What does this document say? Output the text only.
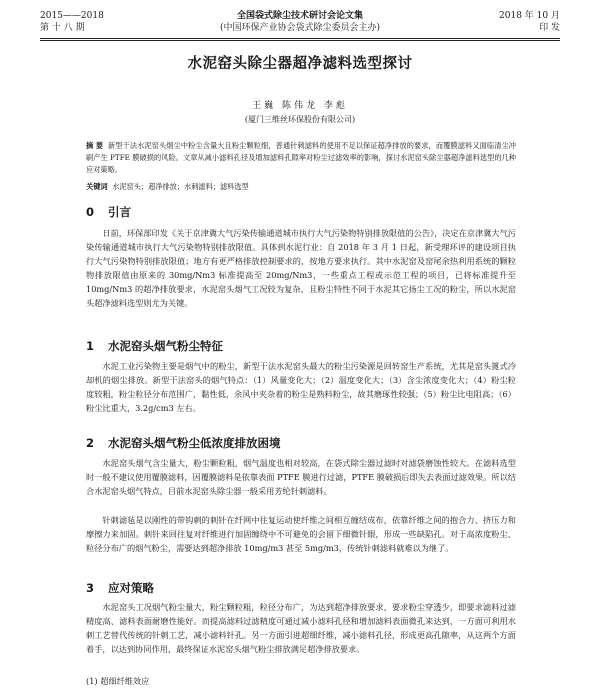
2015——2018
第 十 八 期
全国袋式除尘技术研讨会论文集
(中国环保产业协会袋式除尘委员会主办)
2018 年 10 月
印 发
水泥窑头除尘器超净滤料选型探讨
王巍 陈伟龙 李彪
(厦门三维丝环保股份有限公司)
摘 要 新型干法水泥窑头烟尘中粉尘含量大且粉尘颗粒细，普通针刺滤料的使用不足以保证超净排放的要求，而覆膜滤料又面临清尘冲刷产生 PTFE 膜破损的风险。文章从减小滤料孔径及增加滤料孔隙率对粉尘过滤效率的影响，探讨水泥窑头除尘器超净滤料选型的几种应对策略。
关键词 水泥窑头；超净排放；水刺滤料；滤料选型
0 引言
日前，环保部印发《关于京津冀大气污染传输通道城市执行大气污染物特别排放限值的公告》，决定在京津冀大气污染传输通道城市执行大气污染物特别排放限值。具体到水泥行业：自 2018 年 3 月 1 日起，新受理环评的建设项目执行大气污染物特别排放限值；地方有更严格排放控制要求的，按地方要求执行。其中水泥窑及窑尾余热利用系统的颗粒物排放限值由原来的 30mg/Nm3 标准提高至 20mg/Nm3，一些重点工程或示范工程的项目，已将标准提升至 10mg/Nm3 的超净排放要求，水泥窑头烟气工况较为复杂，且粉尘特性不同于水泥其它扬尘工况的粉尘，所以水泥窑头超净滤料选型则尤为关键。
1 水泥窑头烟气粉尘特征
水泥工业污染物主要是烟气中的粉尘，新型干法水泥窑头最大的粉尘污染源是回转窑生产系统，尤其是窑头篦式冷却机的烟尘排放。新型干法窑头的烟气特点：（1）风量变化大；（2）温度变化大；（3）含尘浓度变化大；（4）粉尘粒度较粗，粉尘粒径分布范围广，黏性低，余风中夹杂着的粉尘是熟料粉尘，故其磨琢性较强；（5）粉尘比电阻高；（6）粉尘比重大，3.2g/cm3 左右。
2 水泥窑头烟气粉尘低浓度排放困境
水泥窑头烟气含尘量大，粉尘颗粒粗，烟气温度也相对较高，在袋式除尘器过滤时对滤袋磨蚀性较大。在滤料选型时一般不建议使用覆膜滤料，因覆膜滤料是依靠表面 PTFE 膜进行过滤，PTFE 膜破损后即失去表面过滤效果。所以结合水泥窑头烟气特点，目前水泥窑头除尘器一般采用芳纶针刺滤料。
针刺滤毡是以刚性的带钩刺的刺针在纤网中往复运动使纤维之间相互缠结成布，依靠纤维之间的抱合力、挤压力和摩擦力来加固。刺针来回往复对纤维进行加固缠绕中不可避免的会留下细微针眼，形成一些缺陷孔。对于高浓度粉尘、粒径分布广的烟气粉尘，需要达到超净排放 10mg/m3 甚至 5mg/m3，传统针刺滤料就难以为继了。
3 应对策略
水泥窑头工况烟气粉尘量大，粉尘颗粒粗，粒径分布广，为达到超净排放要求，要求粉尘穿透少，即要求滤料过滤精度高、滤料表面耐磨性能好。而提高滤料过滤精度可通过减小滤料孔径和增加滤料表面微孔来达到，一方面可利用水刺工艺替代传统的针刺工艺，减小滤料针孔。另一方面引进超细纤维，减小滤料孔径，形成更高孔隙率，从这两个方面着手，以达到协同作用，最终保证水泥窑头烟气粉尘排放满足超净排放要求。
(1) 超细纤维效应
